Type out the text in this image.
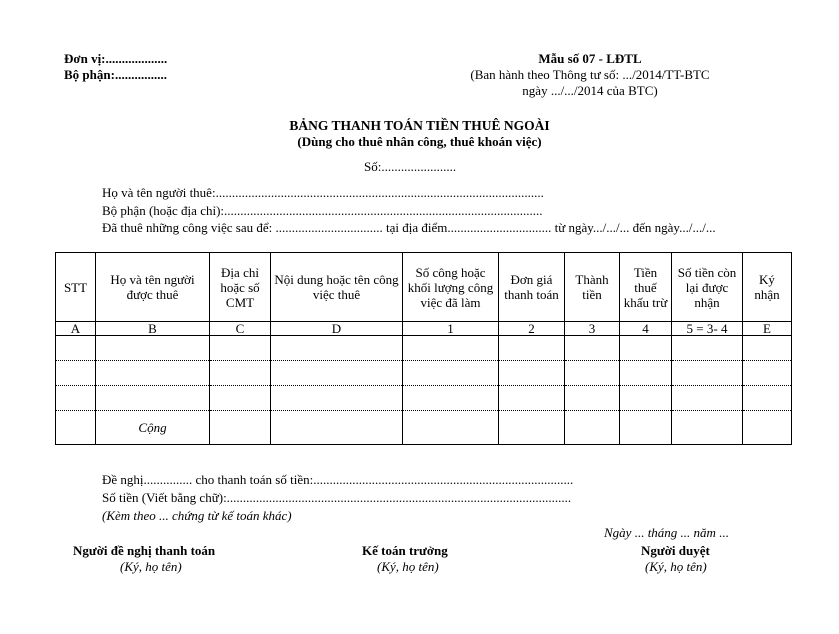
Đơn vị:...................
Bộ phận:................
Mẫu số 07 - LĐTL
(Ban hành theo Thông tư số: .../2014/TT-BTC
ngày .../.../2014 của BTC)
BẢNG THANH TOÁN TIỀN THUÊ NGOÀI
(Dùng cho thuê nhân công, thuê khoán việc)
Số:.......................
Họ và tên người thuê:.....................................................................................................
Bộ phận (hoặc địa chỉ):..................................................................................................
Đã thuê những công việc sau để: ................................. tại địa điểm................................ từ ngày.../.../... đến ngày.../.../...
STT	Họ và tên người được thuê	Địa chỉ hoặc số CMT	Nội dung hoặc tên công việc thuê	Số công hoặc khối lượng công việc đã làm	Đơn giá thanh toán	Thành tiền	Tiền thuế khấu trừ	Số tiền còn lại được nhận	Ký nhận
A	B	C	D	1	2	3	4	5 = 3- 4	E

	Cộng								
Đề nghị............... cho thanh toán số tiền:................................................................................
Số tiền (Viết bằng chữ):..........................................................................................................
(Kèm theo ... chứng từ kế toán khác)
Ngày ... tháng ... năm ...
Người đề nghị thanh toán
(Ký, họ tên)
Kế toán trưởng
(Ký, họ tên)
Người duyệt
(Ký, họ tên)
